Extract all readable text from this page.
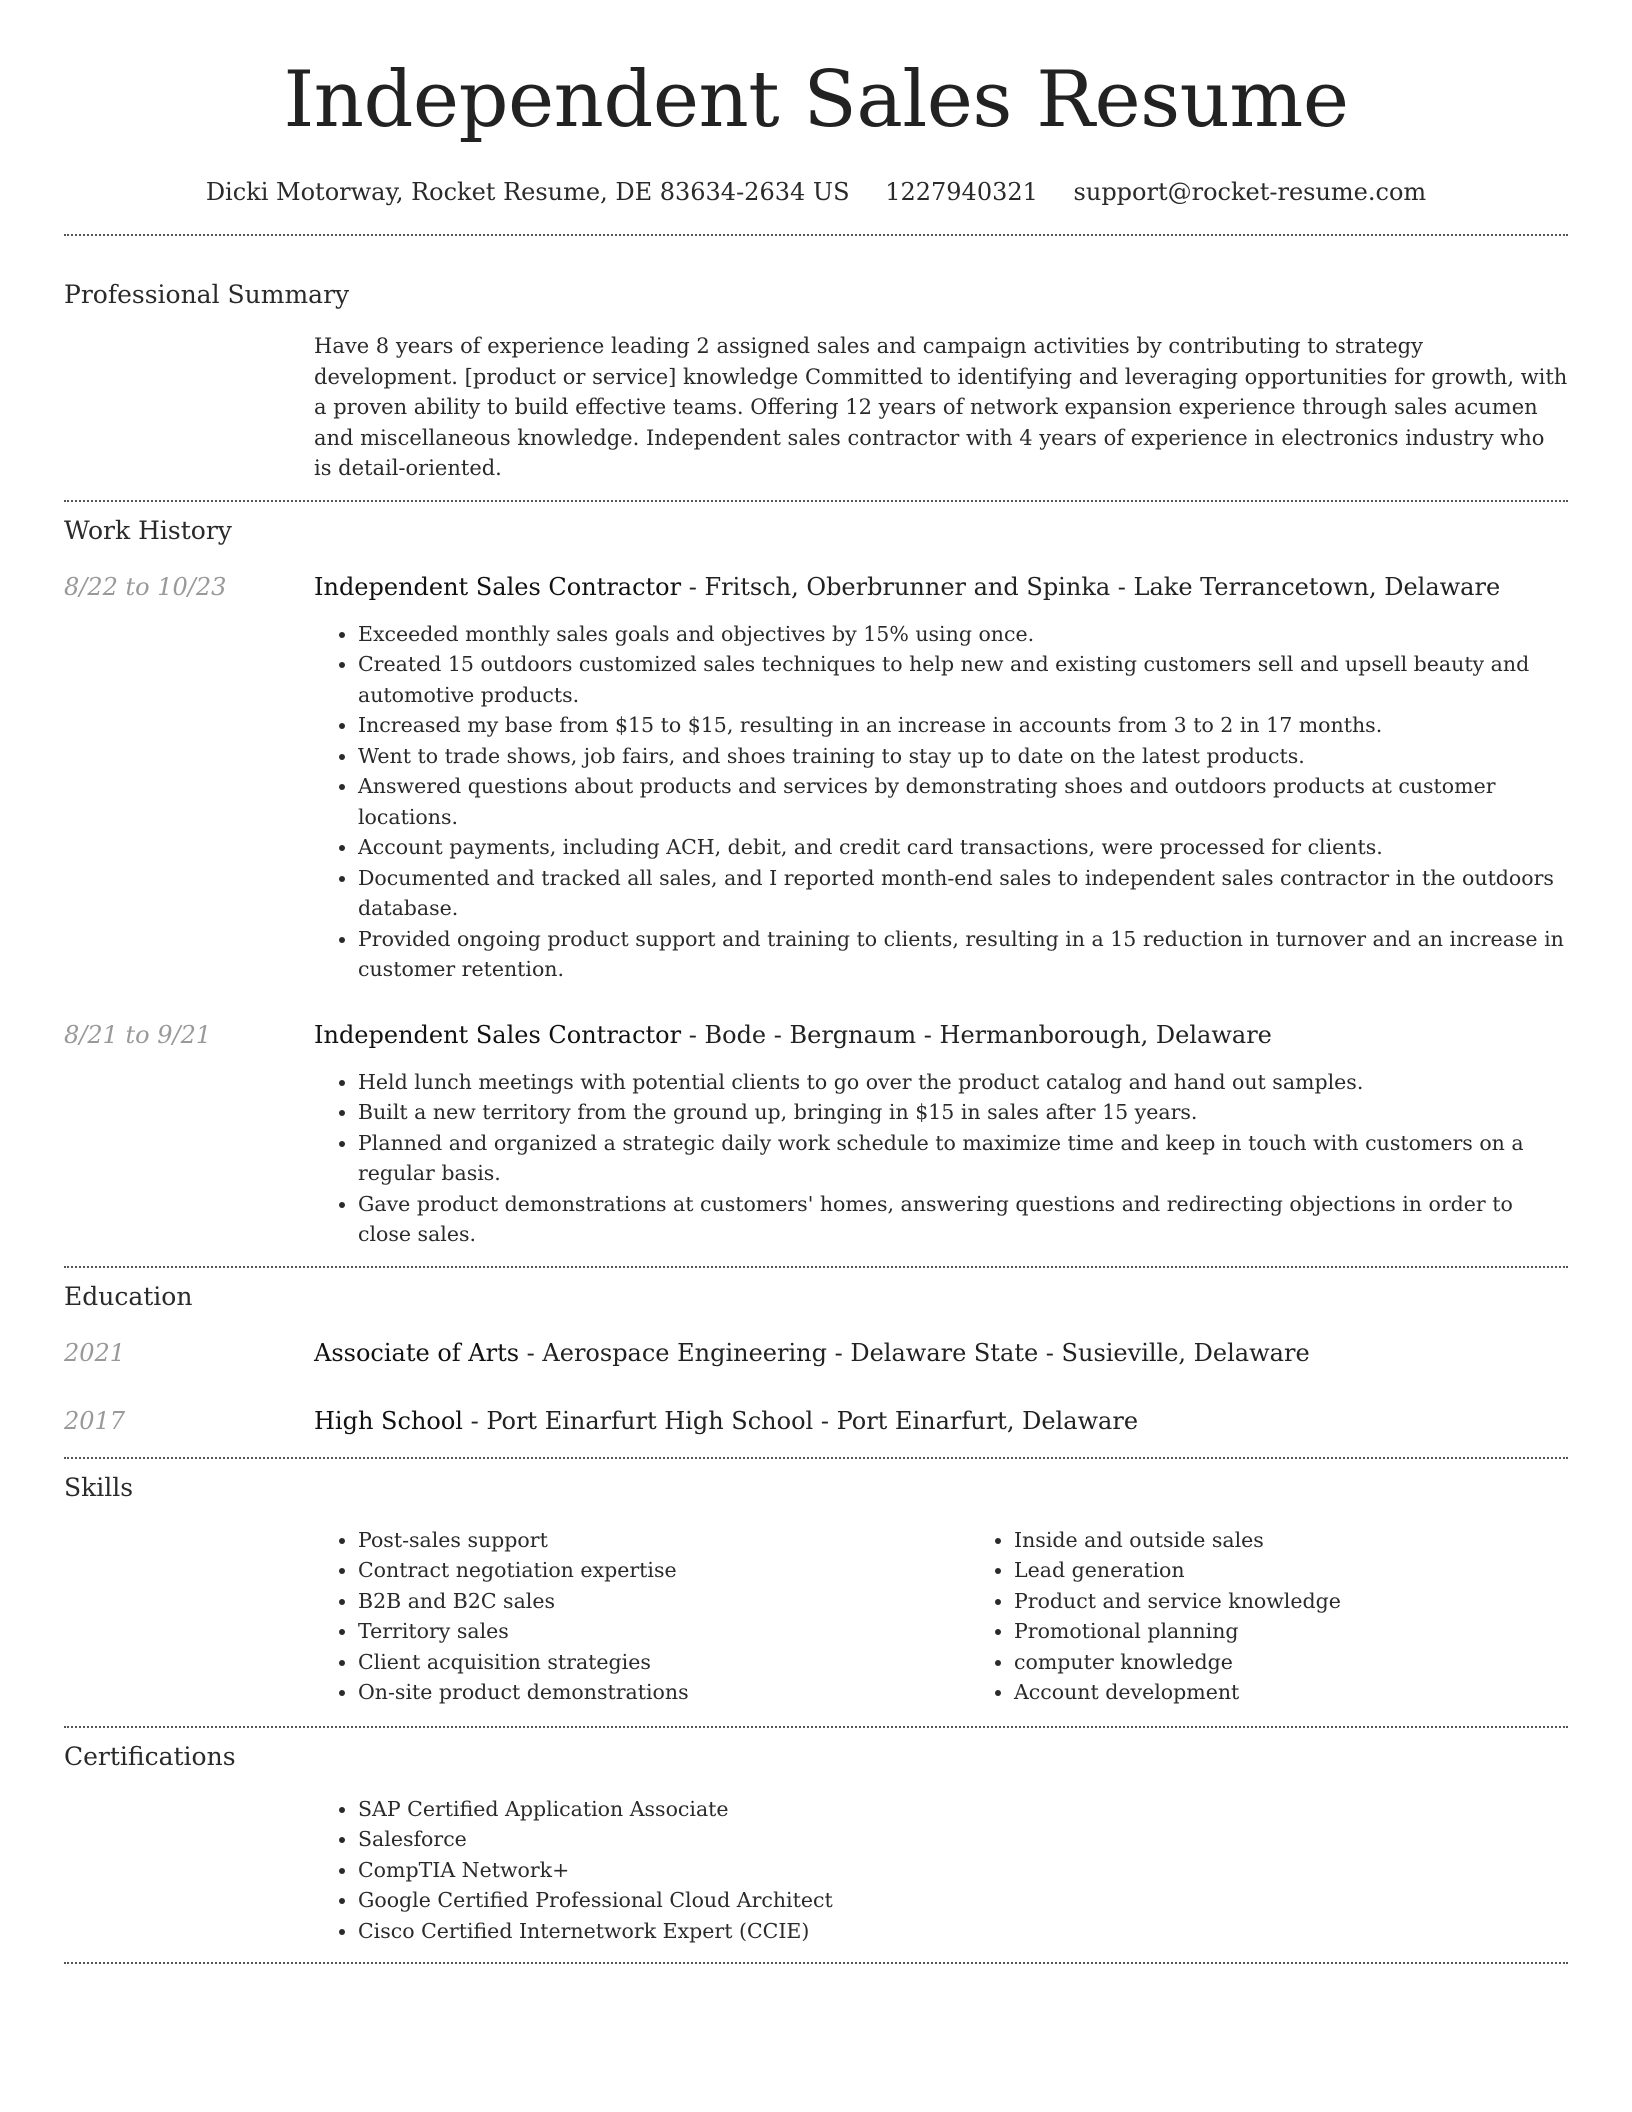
Independent Sales Resume
Dicki Motorway, Rocket Resume, DE 83634-2634 US 1227940321 support@rocket-resume.com
Professional Summary
Have 8 years of experience leading 2 assigned sales and campaign activities by contributing to strategy development. [product or service] knowledge Committed to identifying and leveraging opportunities for growth, with a proven ability to build effective teams. Offering 12 years of network expansion experience through sales acumen and miscellaneous knowledge. Independent sales contractor with 4 years of experience in electronics industry who is detail-oriented.
Work History
8/22 to 10/23	Independent Sales Contractor - Fritsch, Oberbrunner and Spinka - Lake Terrancetown, Delaware
• Exceeded monthly sales goals and objectives by 15% using once.
• Created 15 outdoors customized sales techniques to help new and existing customers sell and upsell beauty and automotive products.
• Increased my base from $15 to $15, resulting in an increase in accounts from 3 to 2 in 17 months.
• Went to trade shows, job fairs, and shoes training to stay up to date on the latest products.
• Answered questions about products and services by demonstrating shoes and outdoors products at customer locations.
• Account payments, including ACH, debit, and credit card transactions, were processed for clients.
• Documented and tracked all sales, and I reported month-end sales to independent sales contractor in the outdoors database.
• Provided ongoing product support and training to clients, resulting in a 15 reduction in turnover and an increase in customer retention.
8/21 to 9/21	Independent Sales Contractor - Bode - Bergnaum - Hermanborough, Delaware
• Held lunch meetings with potential clients to go over the product catalog and hand out samples.
• Built a new territory from the ground up, bringing in $15 in sales after 15 years.
• Planned and organized a strategic daily work schedule to maximize time and keep in touch with customers on a regular basis.
• Gave product demonstrations at customers' homes, answering questions and redirecting objections in order to close sales.
Education
2021	Associate of Arts - Aerospace Engineering - Delaware State - Susieville, Delaware
2017	High School - Port Einarfurt High School - Port Einarfurt, Delaware
Skills
• Post-sales support
• Contract negotiation expertise
• B2B and B2C sales
• Territory sales
• Client acquisition strategies
• On-site product demonstrations
• Inside and outside sales
• Lead generation
• Product and service knowledge
• Promotional planning
• computer knowledge
• Account development
Certifications
• SAP Certified Application Associate
• Salesforce
• CompTIA Network+
• Google Certified Professional Cloud Architect
• Cisco Certified Internetwork Expert (CCIE)
